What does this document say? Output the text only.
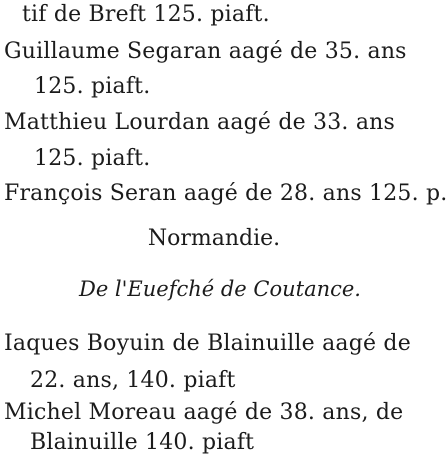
tif de Breft 125. piaft.
Guillaume Segaran aagé de 35. ans
125. piaft.
Matthieu Lourdan aagé de 33. ans
125. piaft.
François Seran aagé de 28. ans 125. p.
Normandie.
De l'Euefché de Coutance.
Iaques Boyuin de Blainuille aagé de
22. ans, 140. piaft
Michel Moreau aagé de 38. ans, de
Blainuille 140. piaft
